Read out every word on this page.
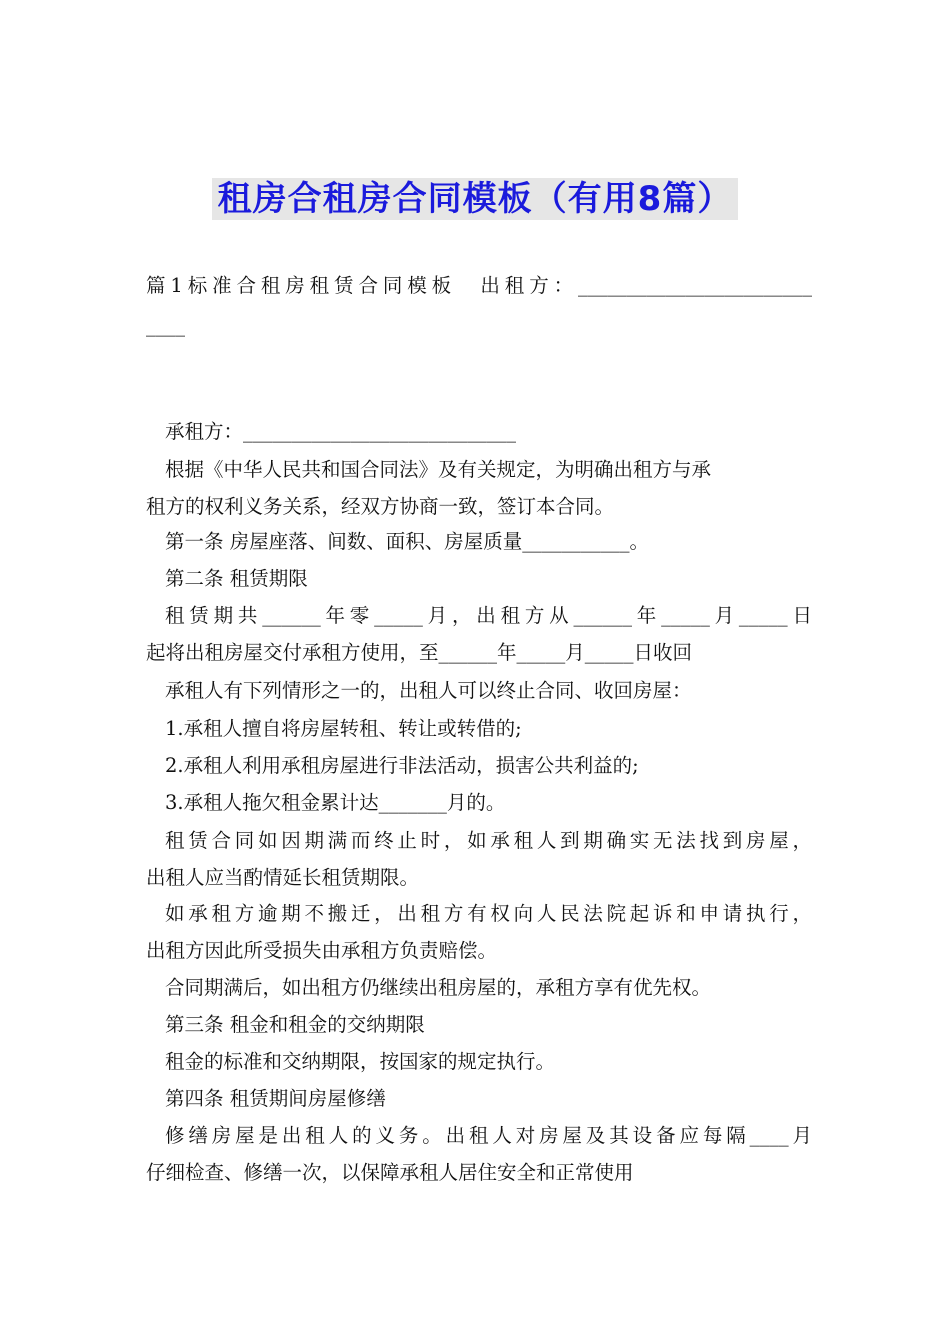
租房合租房合同模板（有用8篇）
篇1标准合租房租赁合同模板　出租方：________________________
____
承租方：____________________________
根据《中华人民共和国合同法》及有关规定，为明确出租方与承
租方的权利义务关系，经双方协商一致，签订本合同。
第一条 房屋座落、间数、面积、房屋质量___________。
第二条 租赁期限
租赁期共______年零_____月，出租方从______年_____月_____日
起将出租房屋交付承租方使用，至______年_____月_____日收回
承租人有下列情形之一的，出租人可以终止合同、收回房屋：
1.承租人擅自将房屋转租、转让或转借的;
2.承租人利用承租房屋进行非法活动，损害公共利益的;
3.承租人拖欠租金累计达_______月的。
租赁合同如因期满而终止时，如承租人到期确实无法找到房屋，
出租人应当酌情延长租赁期限。
如承租方逾期不搬迁，出租方有权向人民法院起诉和申请执行，
出租方因此所受损失由承租方负责赔偿。
合同期满后，如出租方仍继续出租房屋的，承租方享有优先权。
第三条 租金和租金的交纳期限
租金的标准和交纳期限，按国家的规定执行。
第四条 租赁期间房屋修缮
修缮房屋是出租人的义务。出租人对房屋及其设备应每隔____月
仔细检查、修缮一次，以保障承租人居住安全和正常使用
